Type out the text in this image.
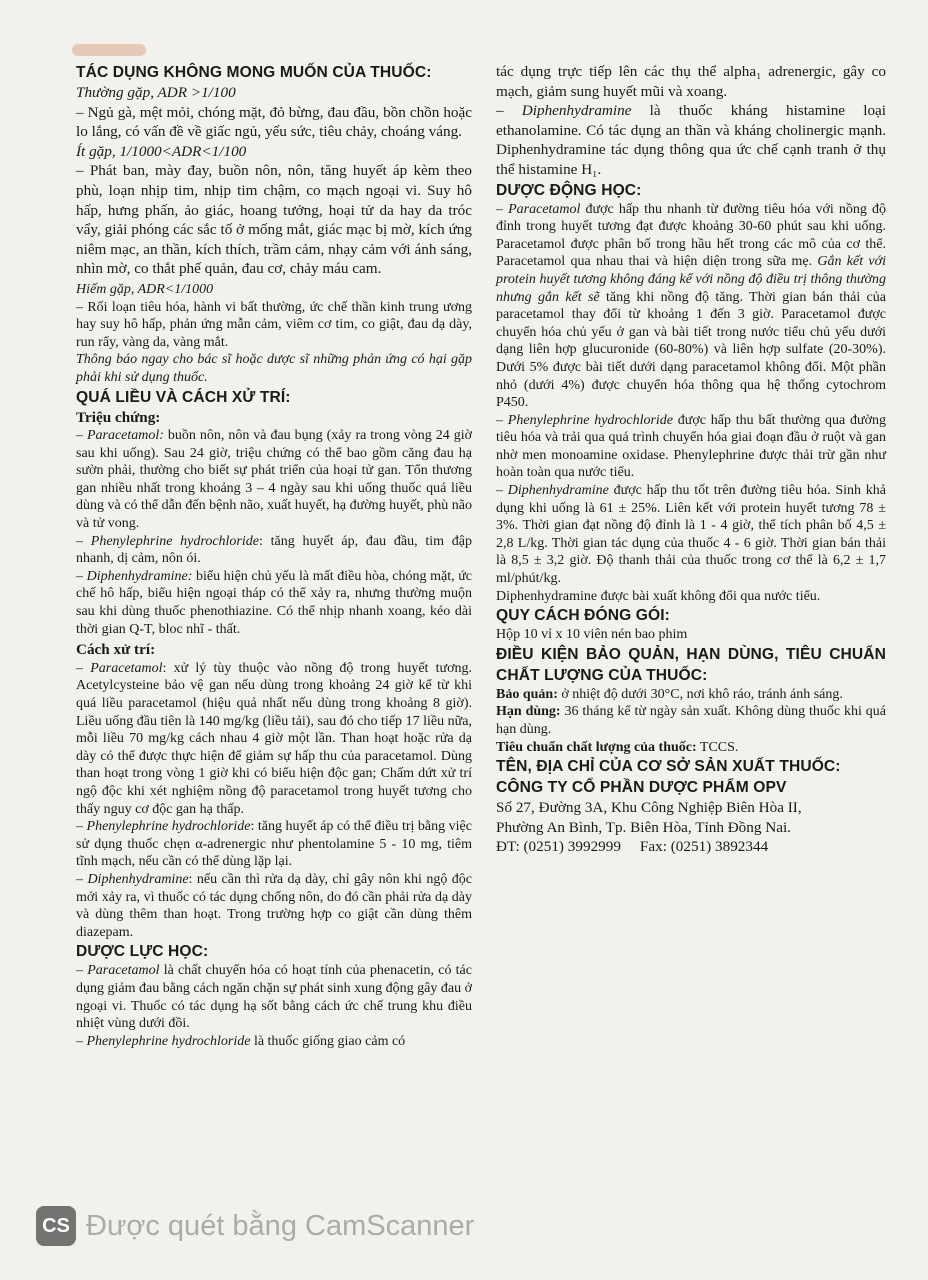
TÁC DỤNG KHÔNG MONG MUỐN CỦA THUỐC:

Thường gặp, ADR >1/100

– Ngủ gà, mệt mỏi, chóng mặt, đỏ bừng, đau đầu, bồn chồn hoặc lo lắng, có vấn đề về giấc ngủ, yếu sức, tiêu chảy, choáng váng.

Ít gặp, 1/1000<ADR<1/100

– Phát ban, mày đay, buồn nôn, nôn, tăng huyết áp kèm theo phù, loạn nhịp tim, nhịp tim chậm, co mạch ngoại vi. Suy hô hấp, hưng phấn, ảo giác, hoang tưởng, hoại tử da hay da tróc vẩy, giải phóng các sắc tố ở mống mắt, giác mạc bị mờ, kích ứng niêm mạc, an thần, kích thích, trầm cảm, nhạy cảm với ánh sáng, nhìn mờ, co thắt phế quản, đau cơ, chảy máu cam.

Hiếm gặp, ADR<1/1000

– Rối loạn tiêu hóa, hành vi bất thường, ức chế thần kinh trung ương hay suy hô hấp, phản ứng mẫn cảm, viêm cơ tim, co giật, đau dạ dày, run rẩy, vàng da, vàng mắt.

Thông báo ngay cho bác sĩ hoặc dược sĩ những phản ứng có hại gặp phải khi sử dụng thuốc.

QUÁ LIỀU VÀ CÁCH XỬ TRÍ:

Triệu chứng:

– Paracetamol: buồn nôn, nôn và đau bụng (xảy ra trong vòng 24 giờ sau khi uống). Sau 24 giờ, triệu chứng có thể bao gồm căng đau hạ sườn phải, thường cho biết sự phát triển của hoại tử gan. Tổn thương gan nhiều nhất trong khoảng 3 – 4 ngày sau khi uống thuốc quá liều dùng và có thể dẫn đến bệnh não, xuất huyết, hạ đường huyết, phù não và tử vong.

– Phenylephrine hydrochloride: tăng huyết áp, đau đầu, tim đập nhanh, dị cảm, nôn ói.

– Diphenhydramine: biểu hiện chủ yếu là mất điều hòa, chóng mặt, ức chế hô hấp, biểu hiện ngoại tháp có thể xảy ra, nhưng thường muộn sau khi dùng thuốc phenothiazine. Có thể nhịp nhanh xoang, kéo dài thời gian Q-T, bloc nhĩ - thất.

Cách xử trí:

– Paracetamol: xử lý tùy thuộc vào nồng độ trong huyết tương. Acetylcysteine bảo vệ gan nếu dùng trong khoảng 24 giờ kể từ khi quá liều paracetamol (hiệu quả nhất nếu dùng trong khoảng 8 giờ). Liều uống đầu tiên là 140 mg/kg (liều tải), sau đó cho tiếp 17 liều nữa, mỗi liều 70 mg/kg cách nhau 4 giờ một lần. Than hoạt hoặc rửa dạ dày có thể được thực hiện để giảm sự hấp thu của paracetamol. Dùng than hoạt trong vòng 1 giờ khi có biểu hiện độc gan; Chấm dứt xử trí ngộ độc khi xét nghiệm nồng độ paracetamol trong huyết tương cho thấy nguy cơ độc gan hạ thấp.

– Phenylephrine hydrochloride: tăng huyết áp có thể điều trị bằng việc sử dụng thuốc chẹn α-adrenergic như phentolamine 5 - 10 mg, tiêm tĩnh mạch, nếu cần có thể dùng lặp lại.

– Diphenhydramine: nếu cần thì rửa dạ dày, chỉ gây nôn khi ngộ độc mới xảy ra, vì thuốc có tác dụng chống nôn, do đó cần phải rửa dạ dày và dùng thêm than hoạt. Trong trường hợp co giật cần dùng thêm diazepam.

DƯỢC LỰC HỌC:

– Paracetamol là chất chuyển hóa có hoạt tính của phenacetin, có tác dụng giảm đau bằng cách ngăn chặn sự phát sinh xung động gây đau ở ngoại vi. Thuốc có tác dụng hạ sốt bằng cách ức chế trung khu điều nhiệt vùng dưới đồi.

– Phenylephrine hydrochloride là thuốc giống giao cảm có

tác dụng trực tiếp lên các thụ thể alpha₁ adrenergic, gây co mạch, giảm sung huyết mũi và xoang.

– Diphenhydramine là thuốc kháng histamine loại ethanolamine. Có tác dụng an thần và kháng cholinergic mạnh. Diphenhydramine tác dụng thông qua ức chế cạnh tranh ở thụ thể histamine H₁.

DƯỢC ĐỘNG HỌC:

– Paracetamol được hấp thu nhanh từ đường tiêu hóa với nồng độ đỉnh trong huyết tương đạt được khoảng 30-60 phút sau khi uống. Paracetamol được phân bố trong hầu hết trong các mô của cơ thể. Paracetamol qua nhau thai và hiện diện trong sữa mẹ. Gắn kết với protein huyết tương không đáng kể với nồng độ điều trị thông thường nhưng gắn kết sẽ tăng khi nồng độ tăng. Thời gian bán thải của paracetamol thay đổi từ khoảng 1 đến 3 giờ. Paracetamol được chuyển hóa chủ yếu ở gan và bài tiết trong nước tiểu chủ yếu dưới dạng liên hợp glucuronide (60-80%) và liên hợp sulfate (20-30%). Dưới 5% được bài tiết dưới dạng paracetamol không đổi. Một phần nhỏ (dưới 4%) được chuyển hóa thông qua hệ thống cytochrom P450.

– Phenylephrine hydrochloride được hấp thu bất thường qua đường tiêu hóa và trải qua quá trình chuyển hóa giai đoạn đầu ở ruột và gan nhờ men monoamine oxidase. Phenylephrine được thải trừ gần như hoàn toàn qua nước tiểu.

– Diphenhydramine được hấp thu tốt trên đường tiêu hóa. Sinh khả dụng khi uống là 61 ± 25%. Liên kết với protein huyết tương 78 ± 3%. Thời gian đạt nồng độ đỉnh là 1 - 4 giờ, thể tích phân bố 4,5 ± 2,8 L/kg. Thời gian tác dụng của thuốc 4 - 6 giờ. Thời gian bán thải là 8,5 ± 3,2 giờ. Độ thanh thải của thuốc trong cơ thể là 6,2 ± 1,7 ml/phút/kg.

Diphenhydramine được bài xuất không đổi qua nước tiểu.

QUY CÁCH ĐÓNG GÓI:

Hộp 10 vỉ x 10 viên nén bao phim

ĐIỀU KIỆN BẢO QUẢN, HẠN DÙNG, TIÊU CHUẨN CHẤT LƯỢNG CỦA THUỐC:

Bảo quản: ở nhiệt độ dưới 30°C, nơi khô ráo, tránh ánh sáng.

Hạn dùng: 36 tháng kể từ ngày sản xuất. Không dùng thuốc khi quá hạn dùng.

Tiêu chuẩn chất lượng của thuốc: TCCS.

TÊN, ĐỊA CHỈ CỦA CƠ SỞ SẢN XUẤT THUỐC:

CÔNG TY CỔ PHẦN DƯỢC PHẨM OPV

Số 27, Đường 3A, Khu Công Nghiệp Biên Hòa II,

Phường An Bình, Tp. Biên Hòa, Tỉnh Đồng Nai.

ĐT: (0251) 3992999     Fax: (0251) 3892344

CS Được quét bằng CamScanner
